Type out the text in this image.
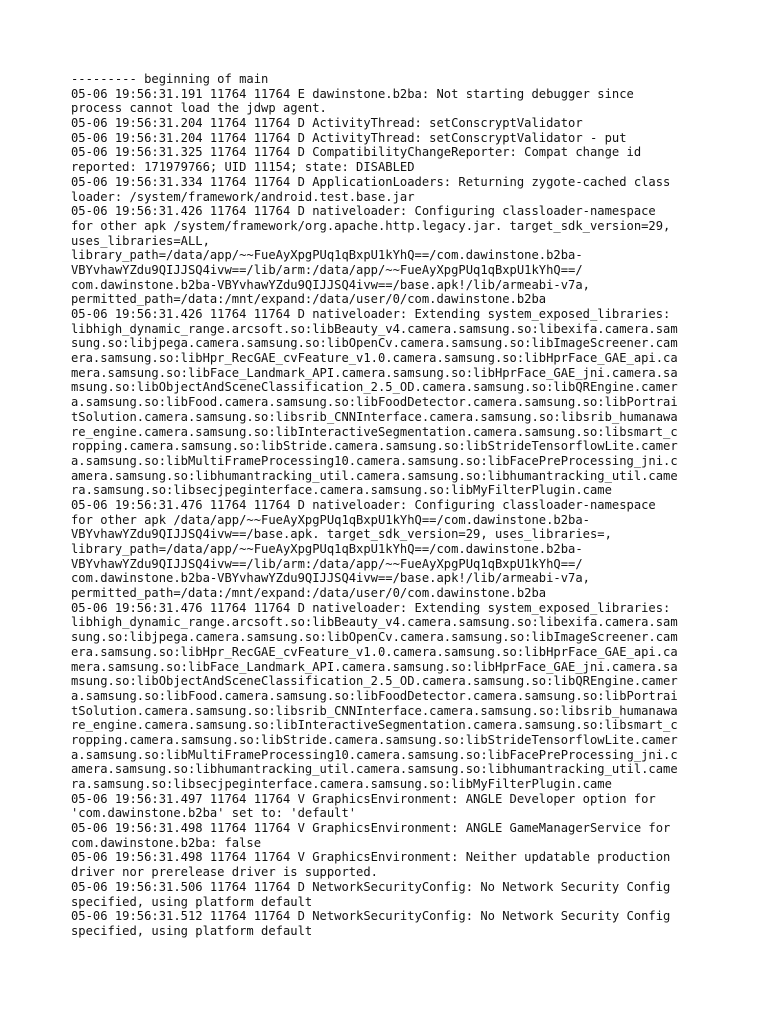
--------- beginning of main
05-06 19:56:31.191 11764 11764 E dawinstone.b2ba: Not starting debugger since
process cannot load the jdwp agent.
05-06 19:56:31.204 11764 11764 D ActivityThread: setConscryptValidator
05-06 19:56:31.204 11764 11764 D ActivityThread: setConscryptValidator - put
05-06 19:56:31.325 11764 11764 D CompatibilityChangeReporter: Compat change id
reported: 171979766; UID 11154; state: DISABLED
05-06 19:56:31.334 11764 11764 D ApplicationLoaders: Returning zygote-cached class
loader: /system/framework/android.test.base.jar
05-06 19:56:31.426 11764 11764 D nativeloader: Configuring classloader-namespace
for other apk /system/framework/org.apache.http.legacy.jar. target_sdk_version=29,
uses_libraries=ALL,
library_path=/data/app/~~FueAyXpgPUq1qBxpU1kYhQ==/com.dawinstone.b2ba-
VBYvhawYZdu9QIJJSQ4ivw==/lib/arm:/data/app/~~FueAyXpgPUq1qBxpU1kYhQ==/
com.dawinstone.b2ba-VBYvhawYZdu9QIJJSQ4ivw==/base.apk!/lib/armeabi-v7a,
permitted_path=/data:/mnt/expand:/data/user/0/com.dawinstone.b2ba
05-06 19:56:31.426 11764 11764 D nativeloader: Extending system_exposed_libraries:
libhigh_dynamic_range.arcsoft.so:libBeauty_v4.camera.samsung.so:libexifa.camera.sam
sung.so:libjpega.camera.samsung.so:libOpenCv.camera.samsung.so:libImageScreener.cam
era.samsung.so:libHpr_RecGAE_cvFeature_v1.0.camera.samsung.so:libHprFace_GAE_api.ca
mera.samsung.so:libFace_Landmark_API.camera.samsung.so:libHprFace_GAE_jni.camera.sa
msung.so:libObjectAndSceneClassification_2.5_OD.camera.samsung.so:libQREngine.camer
a.samsung.so:libFood.camera.samsung.so:libFoodDetector.camera.samsung.so:libPortrai
tSolution.camera.samsung.so:libsrib_CNNInterface.camera.samsung.so:libsrib_humanawa
re_engine.camera.samsung.so:libInteractiveSegmentation.camera.samsung.so:libsmart_c
ropping.camera.samsung.so:libStride.camera.samsung.so:libStrideTensorflowLite.camer
a.samsung.so:libMultiFrameProcessing10.camera.samsung.so:libFacePreProcessing_jni.c
amera.samsung.so:libhumantracking_util.camera.samsung.so:libhumantracking_util.came
ra.samsung.so:libsecjpeginterface.camera.samsung.so:libMyFilterPlugin.came
05-06 19:56:31.476 11764 11764 D nativeloader: Configuring classloader-namespace
for other apk /data/app/~~FueAyXpgPUq1qBxpU1kYhQ==/com.dawinstone.b2ba-
VBYvhawYZdu9QIJJSQ4ivw==/base.apk. target_sdk_version=29, uses_libraries=,
library_path=/data/app/~~FueAyXpgPUq1qBxpU1kYhQ==/com.dawinstone.b2ba-
VBYvhawYZdu9QIJJSQ4ivw==/lib/arm:/data/app/~~FueAyXpgPUq1qBxpU1kYhQ==/
com.dawinstone.b2ba-VBYvhawYZdu9QIJJSQ4ivw==/base.apk!/lib/armeabi-v7a,
permitted_path=/data:/mnt/expand:/data/user/0/com.dawinstone.b2ba
05-06 19:56:31.476 11764 11764 D nativeloader: Extending system_exposed_libraries:
libhigh_dynamic_range.arcsoft.so:libBeauty_v4.camera.samsung.so:libexifa.camera.sam
sung.so:libjpega.camera.samsung.so:libOpenCv.camera.samsung.so:libImageScreener.cam
era.samsung.so:libHpr_RecGAE_cvFeature_v1.0.camera.samsung.so:libHprFace_GAE_api.ca
mera.samsung.so:libFace_Landmark_API.camera.samsung.so:libHprFace_GAE_jni.camera.sa
msung.so:libObjectAndSceneClassification_2.5_OD.camera.samsung.so:libQREngine.camer
a.samsung.so:libFood.camera.samsung.so:libFoodDetector.camera.samsung.so:libPortrai
tSolution.camera.samsung.so:libsrib_CNNInterface.camera.samsung.so:libsrib_humanawa
re_engine.camera.samsung.so:libInteractiveSegmentation.camera.samsung.so:libsmart_c
ropping.camera.samsung.so:libStride.camera.samsung.so:libStrideTensorflowLite.camer
a.samsung.so:libMultiFrameProcessing10.camera.samsung.so:libFacePreProcessing_jni.c
amera.samsung.so:libhumantracking_util.camera.samsung.so:libhumantracking_util.came
ra.samsung.so:libsecjpeginterface.camera.samsung.so:libMyFilterPlugin.came
05-06 19:56:31.497 11764 11764 V GraphicsEnvironment: ANGLE Developer option for
'com.dawinstone.b2ba' set to: 'default'
05-06 19:56:31.498 11764 11764 V GraphicsEnvironment: ANGLE GameManagerService for
com.dawinstone.b2ba: false
05-06 19:56:31.498 11764 11764 V GraphicsEnvironment: Neither updatable production
driver nor prerelease driver is supported.
05-06 19:56:31.506 11764 11764 D NetworkSecurityConfig: No Network Security Config
specified, using platform default
05-06 19:56:31.512 11764 11764 D NetworkSecurityConfig: No Network Security Config
specified, using platform default
